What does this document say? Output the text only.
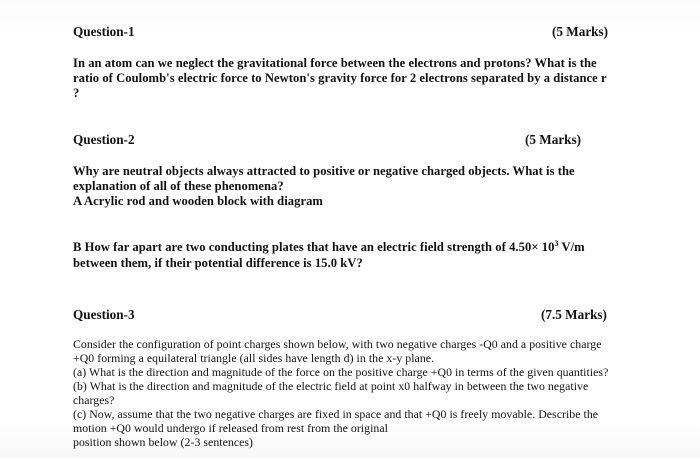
Question-1	(5 Marks)
In an atom can we neglect the gravitational force between the electrons and protons? What is the
ratio of Coulomb's electric force to Newton's gravity force for 2 electrons separated by a distance r
?
Question-2	(5 Marks)
Why are neutral objects always attracted to positive or negative charged objects. What is the
explanation of all of these phenomena?
A Acrylic rod and wooden block with diagram
B How far apart are two conducting plates that have an electric field strength of $4.50\times 10^3$ V/m
between them, if their potential difference is 15.0 kV?
Question-3	(7.5 Marks)
Consider the configuration of point charges shown below, with two negative charges -Q0 and a positive charge
+Q0 forming a equilateral triangle (all sides have length d) in the x-y plane.
(a) What is the direction and magnitude of the force on the positive charge +Q0 in terms of the given quantities?
(b) What is the direction and magnitude of the electric field at point x0 halfway in between the two negative
charges?
(c) Now, assume that the two negative charges are fixed in space and that +Q0 is freely movable. Describe the
motion +Q0 would undergo if released from rest from the original
position shown below (2-3 sentences)
